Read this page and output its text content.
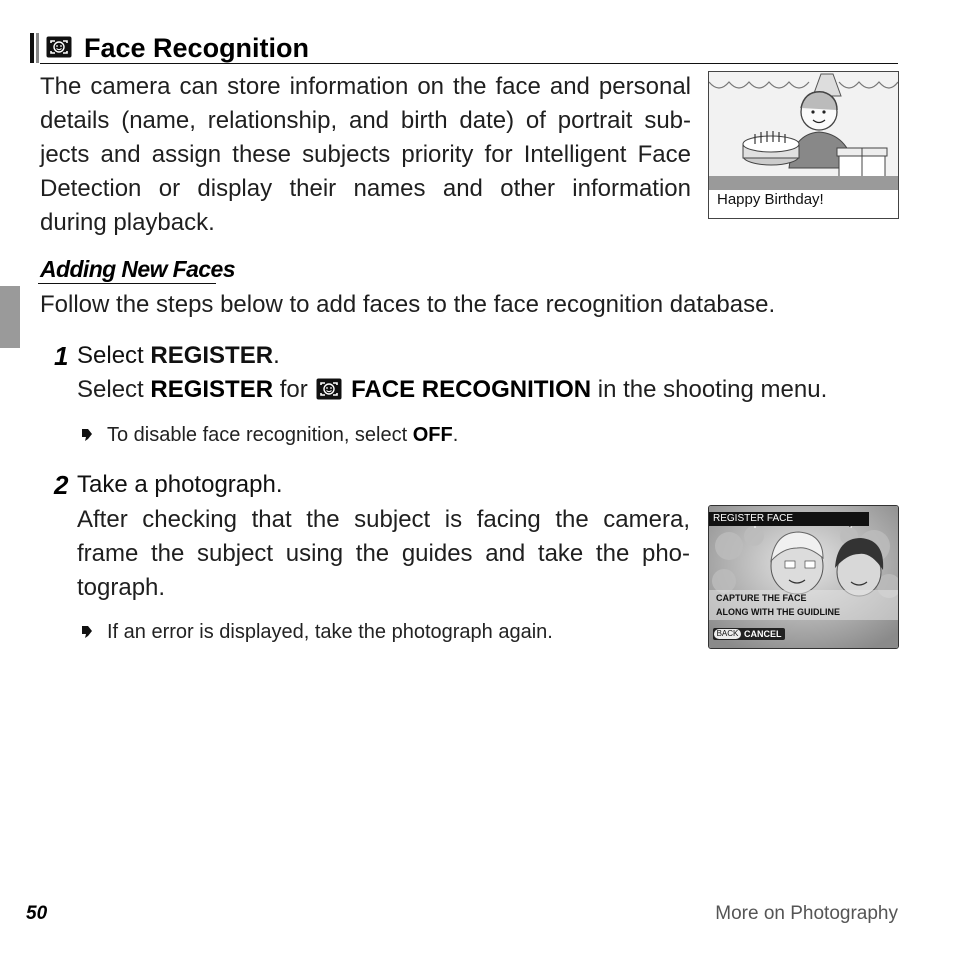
Face Recognition
The camera can store information on the face and personal
details (name, relationship, and birth date) of portrait sub-
jects and assign these subjects priority for Intelligent Face
Detection or display their names and other information
during playback.
Happy Birthday!
Adding New Faces
Follow the steps below to add faces to the face recognition database.
1 Select REGISTER.
Select REGISTER for  FACE RECOGNITION in the shooting menu.
To disable face recognition, select OFF.
2 Take a photograph.
After checking that the subject is facing the camera,
frame the subject using the guides and take the pho-
tograph.
If an error is displayed, take the photograph again.
REGISTER FACE
CAPTURE THE FACE
ALONG WITH THE GUIDLINE
BACK CANCEL
50	More on Photography
